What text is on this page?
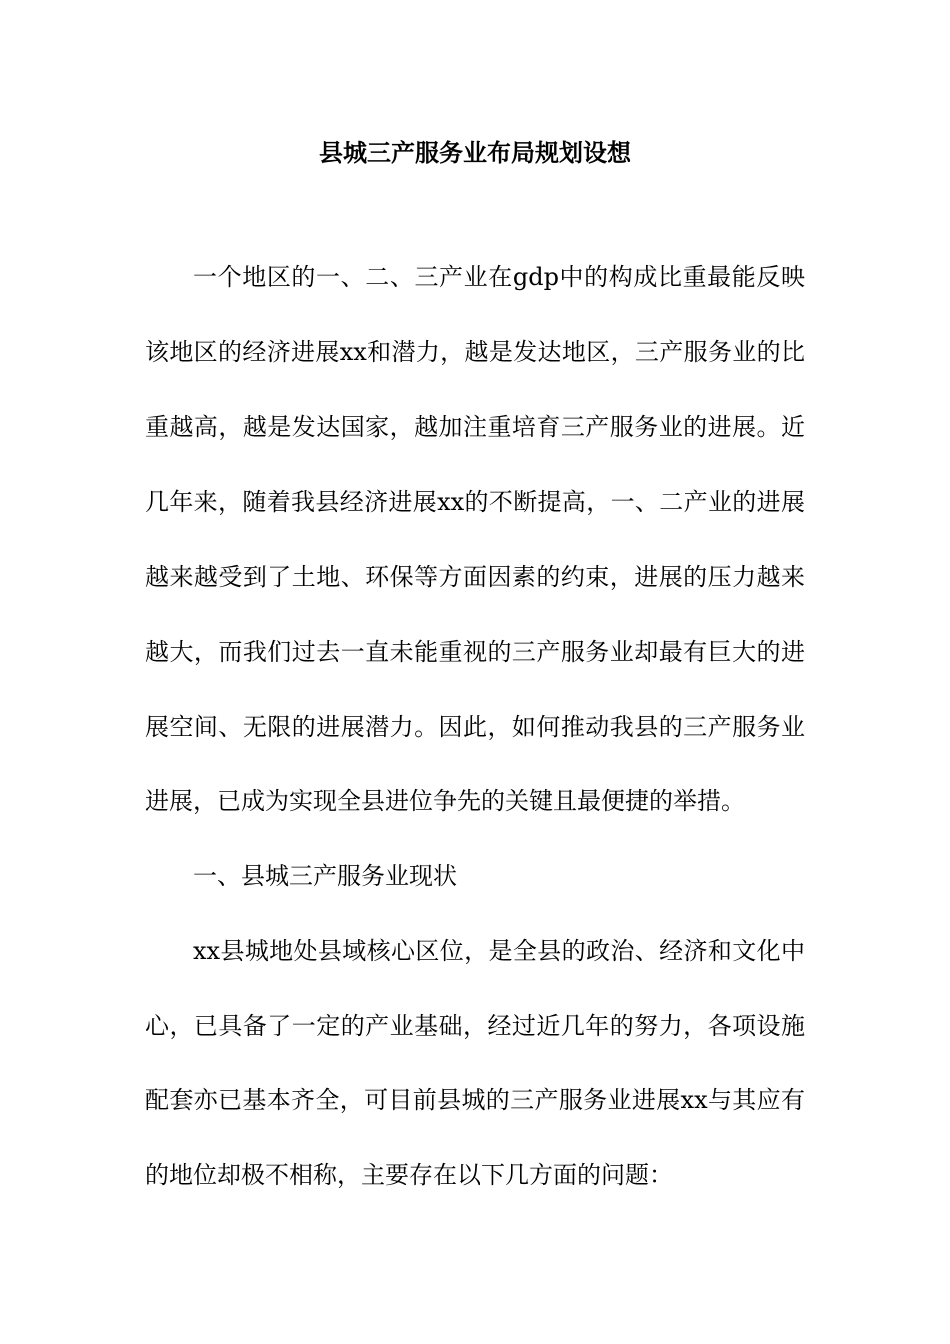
县城三产服务业布局规划设想
一个地区的一、二、三产业在gdp中的构成比重最能反映
该地区的经济进展xx和潜力，越是发达地区，三产服务业的比
重越高，越是发达国家，越加注重培育三产服务业的进展。近
几年来，随着我县经济进展xx的不断提高，一、二产业的进展
越来越受到了土地、环保等方面因素的约束，进展的压力越来
越大，而我们过去一直未能重视的三产服务业却最有巨大的进
展空间、无限的进展潜力。因此，如何推动我县的三产服务业
进展，已成为实现全县进位争先的关键且最便捷的举措。
一、县城三产服务业现状
xx县城地处县域核心区位，是全县的政治、经济和文化中
心，已具备了一定的产业基础，经过近几年的努力，各项设施
配套亦已基本齐全，可目前县城的三产服务业进展xx与其应有
的地位却极不相称，主要存在以下几方面的问题：
